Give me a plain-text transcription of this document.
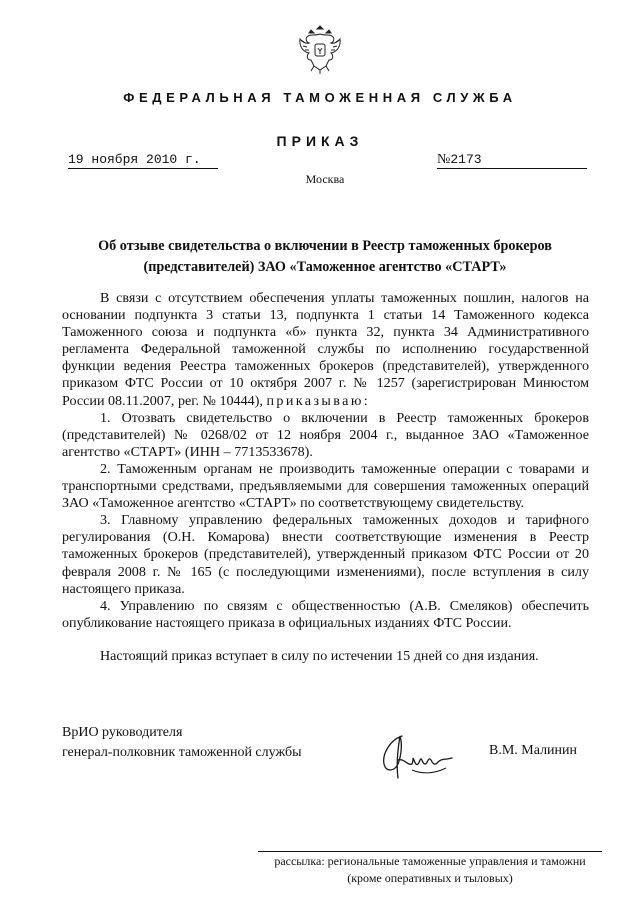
ФЕДЕРАЛЬНАЯ ТАМОЖЕННАЯ СЛУЖБА
ПРИКАЗ
19 ноября 2010 г.	№2173
Москва
Об отзыве свидетельства о включении в Реестр таможенных брокеров
(представителей) ЗАО «Таможенное агентство «СТАРТ»

В связи с отсутствием обеспечения уплаты таможенных пошлин, налогов на основании подпункта 3 статьи 13, подпункта 1 статьи 14 Таможенного кодекса Таможенного союза и подпункта «б» пункта 32, пункта 34 Административного регламента Федеральной таможенной службы по исполнению государственной функции ведения Реестра таможенных брокеров (представителей), утвержденного приказом ФТС России от 10 октября 2007 г. № 1257 (зарегистрирован Минюстом России 08.11.2007, рег. № 10444), приказываю:

1. Отозвать свидетельство о включении в Реестр таможенных брокеров (представителей) № 0268/02 от 12 ноября 2004 г., выданное ЗАО «Таможенное агентство «СТАРТ» (ИНН – 7713533678).

2. Таможенным органам не производить таможенные операции с товарами и транспортными средствами, предъявляемыми для совершения таможенных операций ЗАО «Таможенное агентство «СТАРТ» по соответствующему свидетельству.

3. Главному управлению федеральных таможенных доходов и тарифного регулирования (О.Н. Комарова) внести соответствующие изменения в Реестр таможенных брокеров (представителей), утвержденный приказом ФТС России от 20 февраля 2008 г. № 165 (с последующими изменениями), после вступления в силу настоящего приказа.

4. Управлению по связям с общественностью (А.В. Смеляков) обеспечить опубликование настоящего приказа в официальных изданиях ФТС России.

Настоящий приказ вступает в силу по истечении 15 дней со дня издания.

ВрИО руководителя
генерал-полковник таможенной службы	В.М. Малинин
рассылка: региональные таможенные управления и таможни
(кроме оперативных и тыловых)
